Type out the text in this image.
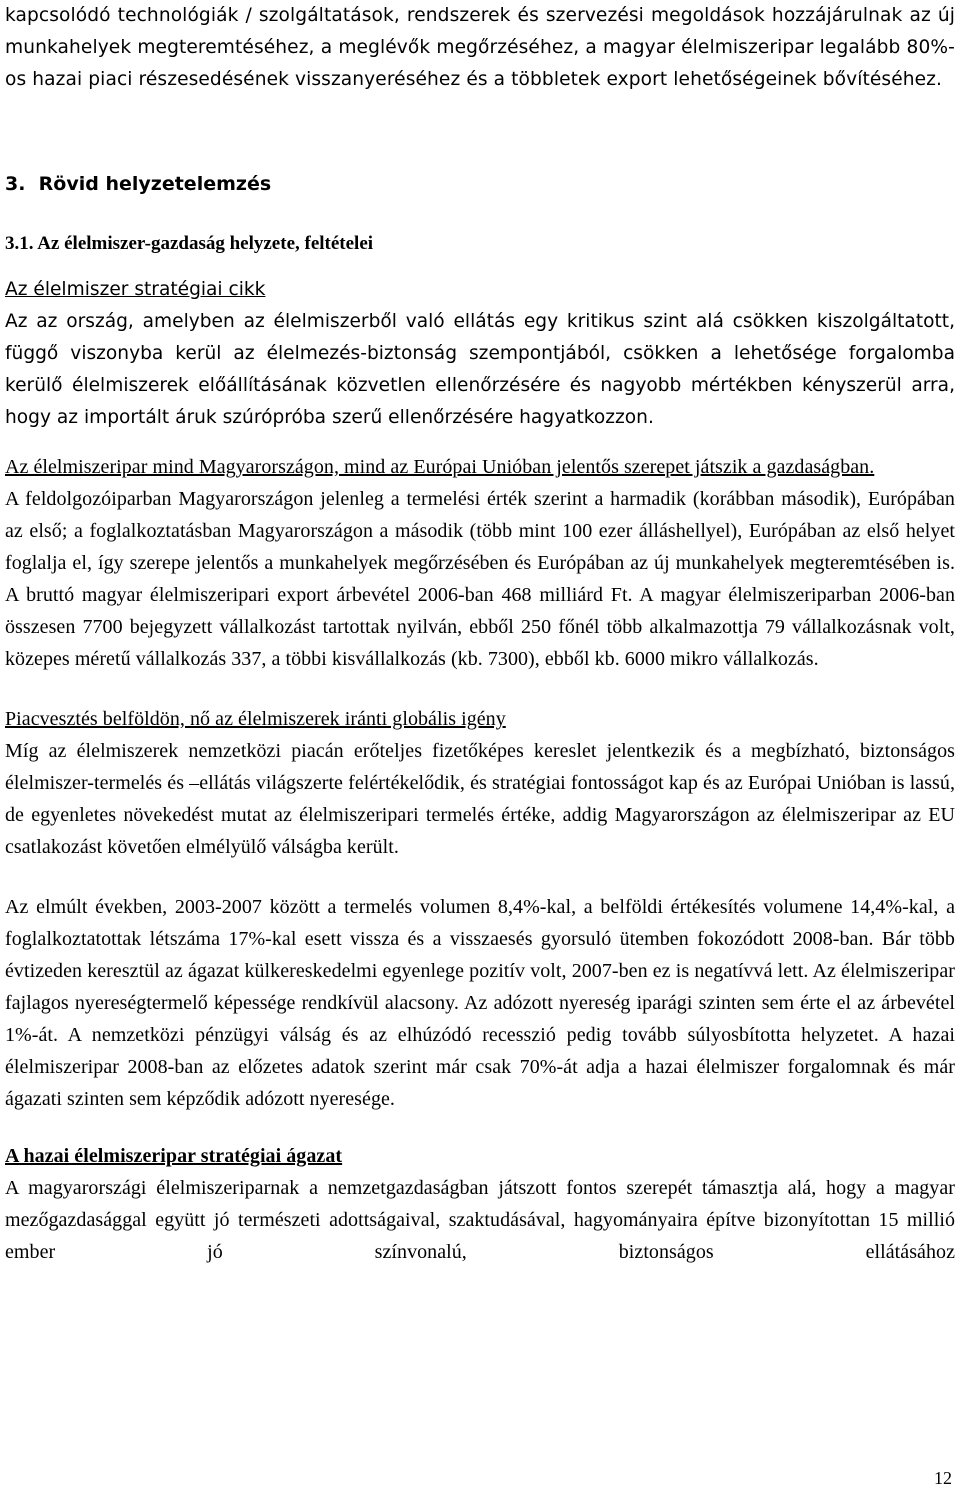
kapcsolódó technológiák / szolgáltatások, rendszerek és szervezési megoldások hozzájárulnak az új munkahelyek megteremtéséhez, a meglévők megőrzéséhez, a magyar élelmiszeripar legalább 80%-os hazai piaci részesedésének visszanyeréséhez és a többletek export lehetőségeinek bővítéséhez.

3.  Rövid helyzetelemzés
3.1. Az élelmiszer-gazdaság helyzete, feltételei
Az élelmiszer stratégiai cikk

Az az ország, amelyben az élelmiszerből való ellátás egy kritikus szint alá csökken kiszolgáltatott, függő viszonyba kerül az élelmezés-biztonság szempontjából, csökken a lehetősége forgalomba kerülő élelmiszerek előállításának közvetlen ellenőrzésére és nagyobb mértékben kényszerül arra, hogy az importált áruk szúrópróba szerű ellenőrzésére hagyatkozzon.

Az élelmiszeripar mind Magyarországon, mind az Európai Unióban jelentős szerepet játszik a gazdaságban.

A feldolgozóiparban Magyarországon jelenleg a termelési érték szerint a harmadik (korábban második), Európában az első; a foglalkoztatásban Magyarországon a második (több mint 100 ezer álláshellyel), Európában az első helyet foglalja el, így szerepe jelentős a munkahelyek megőrzésében és Európában az új munkahelyek megteremtésében is. A bruttó magyar élelmiszeripari export árbevétel 2006-ban 468 milliárd Ft. A magyar élelmiszeriparban 2006-ban összesen 7700 bejegyzett vállalkozást tartottak nyilván, ebből 250 főnél több alkalmazottja 79 vállalkozásnak volt, közepes méretű vállalkozás 337, a többi kisvállalkozás (kb. 7300), ebből kb. 6000 mikro vállalkozás.

Piacvesztés belföldön, nő az élelmiszerek iránti globális igény

Míg az élelmiszerek nemzetközi piacán erőteljes fizetőképes kereslet jelentkezik és a megbízható, biztonságos élelmiszer-termelés és –ellátás világszerte felértékelődik, és stratégiai fontosságot kap és az Európai Unióban is lassú, de egyenletes növekedést mutat az élelmiszeripari termelés értéke, addig Magyarországon az élelmiszeripar az EU csatlakozást követően elmélyülő válságba került.

Az elmúlt években, 2003-2007 között a termelés volumen 8,4%-kal, a belföldi értékesítés volumene 14,4%-kal, a foglalkoztatottak létszáma 17%-kal esett vissza és a visszaesés gyorsuló ütemben fokozódott 2008-ban. Bár több évtizeden keresztül az ágazat külkereskedelmi egyenlege pozitív volt, 2007-ben ez is negatívvá lett. Az élelmiszeripar fajlagos nyereségtermelő képessége rendkívül alacsony. Az adózott nyereség iparági szinten sem érte el az árbevétel 1%-át. A nemzetközi pénzügyi válság és az elhúzódó recesszió pedig tovább súlyosbította helyzetet. A hazai élelmiszeripar 2008-ban az előzetes adatok szerint már csak 70%-át adja a hazai élelmiszer forgalomnak és már ágazati szinten sem képződik adózott nyeresége.

A hazai élelmiszeripar stratégiai ágazat

A magyarországi élelmiszeriparnak a nemzetgazdaságban játszott fontos szerepét támasztja alá, hogy a magyar mezőgazdasággal együtt jó természeti adottságaival, szaktudásával, hagyományaira építve bizonyítottan 15 millió ember jó színvonalú, biztonságos ellátásához

12
